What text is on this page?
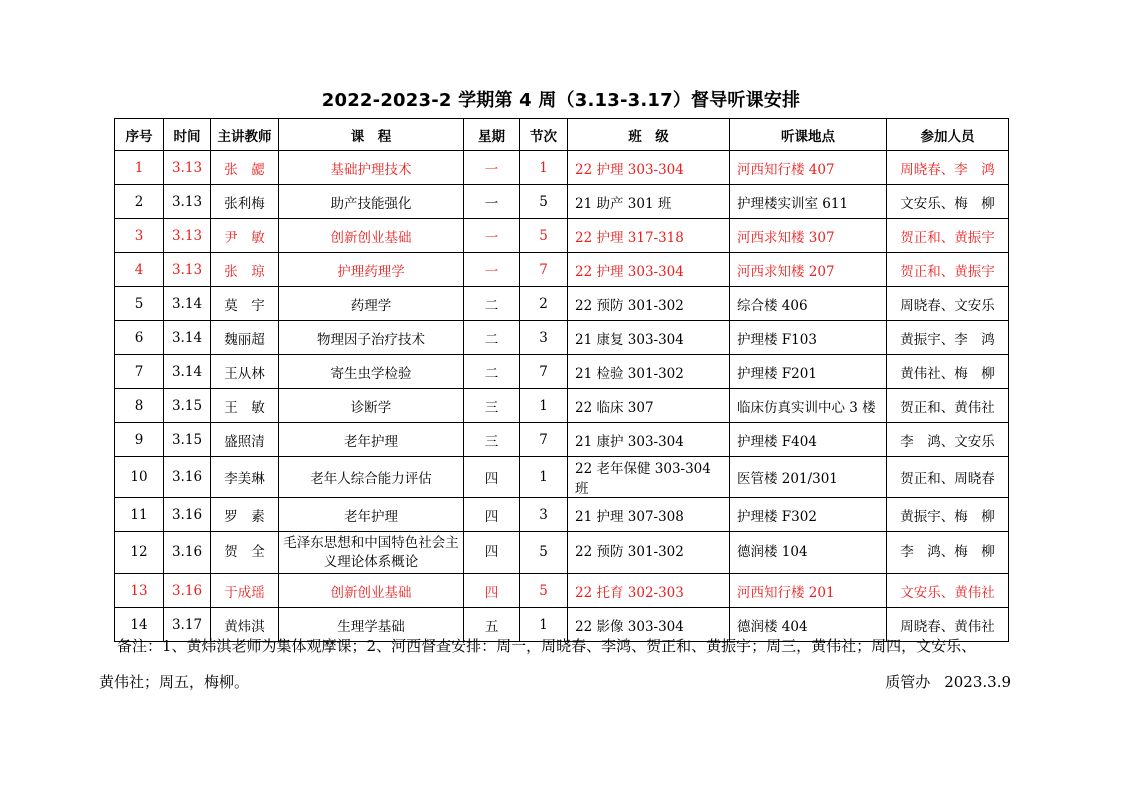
2022-2023-2 学期第 4 周（3.13-3.17）督导听课安排
序号	时间	主讲教师	课　程	星期	节次	班　级	听课地点	参加人员
1	3.13	张　勰	基础护理技术	一	1	22 护理 303-304	河西知行楼 407	周晓春、李　鸿
2	3.13	张利梅	助产技能强化	一	5	21 助产 301 班	护理楼实训室 611	文安乐、梅　柳
3	3.13	尹　敏	创新创业基础	一	5	22 护理 317-318	河西求知楼 307	贺正和、黄振宇
4	3.13	张　琼	护理药理学	一	7	22 护理 303-304	河西求知楼 207	贺正和、黄振宇
5	3.14	莫　宇	药理学	二	2	22 预防 301-302	综合楼 406	周晓春、文安乐
6	3.14	魏丽超	物理因子治疗技术	二	3	21 康复 303-304	护理楼 F103	黄振宇、李　鸿
7	3.14	王从林	寄生虫学检验	二	7	21 检验 301-302	护理楼 F201	黄伟社、梅　柳
8	3.15	王　敏	诊断学	三	1	22 临床 307	临床仿真实训中心 3 楼	贺正和、黄伟社
9	3.15	盛照清	老年护理	三	7	21 康护 303-304	护理楼 F404	李　鸿、文安乐
10	3.16	李美琳	老年人综合能力评估	四	1	22 老年保健 303-304 班	医管楼 201/301	贺正和、周晓春
11	3.16	罗　素	老年护理	四	3	21 护理 307-308	护理楼 F302	黄振宇、梅　柳
12	3.16	贺　全	毛泽东思想和中国特色社会主义理论体系概论	四	5	22 预防 301-302	德润楼 104	李　鸿、梅　柳
13	3.16	于成瑶	创新创业基础	四	5	22 托育 302-303	河西知行楼 201	文安乐、黄伟社
14	3.17	黄炜淇	生理学基础	五	1	22 影像 303-304	德润楼 404	周晓春、黄伟社
备注：1、黄炜淇老师为集体观摩课；2、河西督查安排：周一，周晓春、李鸿、贺正和、黄振宇；周三，黄伟社；周四，文安乐、
黄伟社；周五，梅柳。	质管办 2023.3.9
